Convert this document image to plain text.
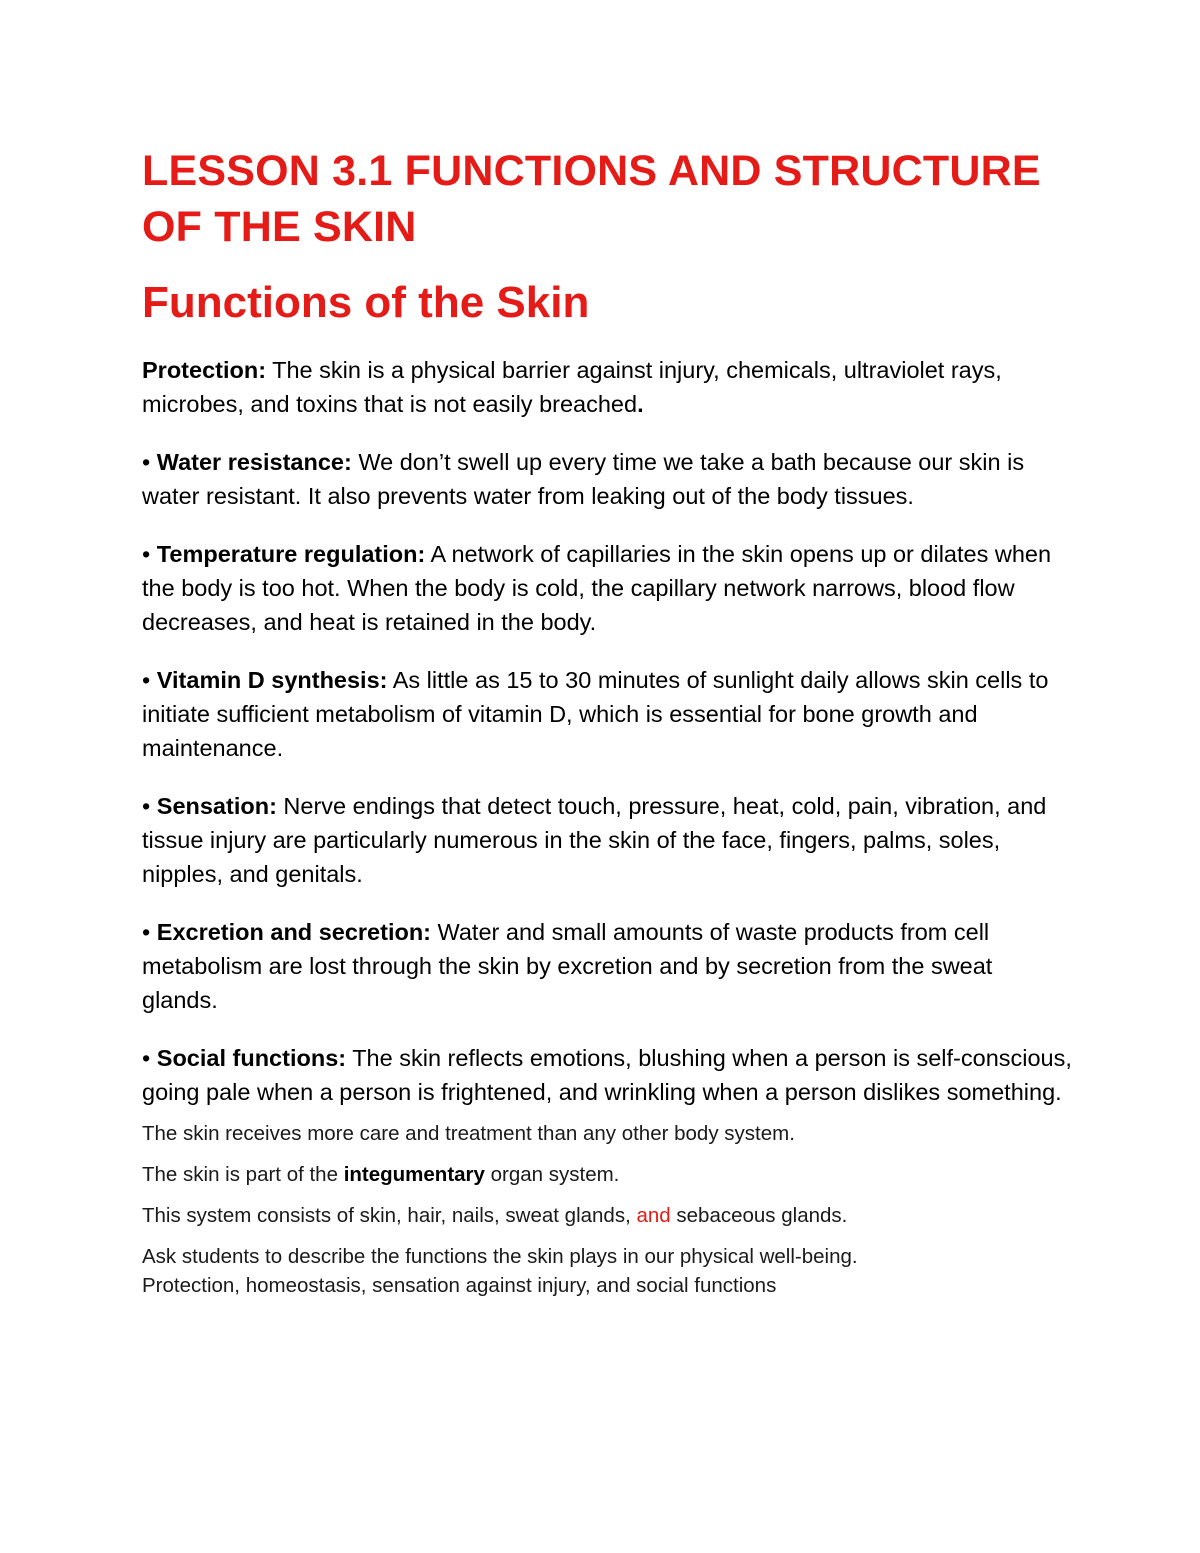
LESSON 3.1 FUNCTIONS AND STRUCTURE OF THE SKIN
Functions of the Skin

Protection: The skin is a physical barrier against injury, chemicals, ultraviolet rays, microbes, and toxins that is not easily breached.

• Water resistance: We don’t swell up every time we take a bath because our skin is water resistant. It also prevents water from leaking out of the body tissues.

• Temperature regulation: A network of capillaries in the skin opens up or dilates when the body is too hot. When the body is cold, the capillary network narrows, blood flow decreases, and heat is retained in the body.

• Vitamin D synthesis: As little as 15 to 30 minutes of sunlight daily allows skin cells to initiate sufficient metabolism of vitamin D, which is essential for bone growth and maintenance.

• Sensation: Nerve endings that detect touch, pressure, heat, cold, pain, vibration, and tissue injury are particularly numerous in the skin of the face, fingers, palms, soles, nipples, and genitals.

• Excretion and secretion: Water and small amounts of waste products from cell metabolism are lost through the skin by excretion and by secretion from the sweat glands.

• Social functions: The skin reflects emotions, blushing when a person is self-conscious, going pale when a person is frightened, and wrinkling when a person dislikes something.

The skin receives more care and treatment than any other body system.

The skin is part of the integumentary organ system.

This system consists of skin, hair, nails, sweat glands, and sebaceous glands.

Ask students to describe the functions the skin plays in our physical well-being.
Protection, homeostasis, sensation against injury, and social functions
